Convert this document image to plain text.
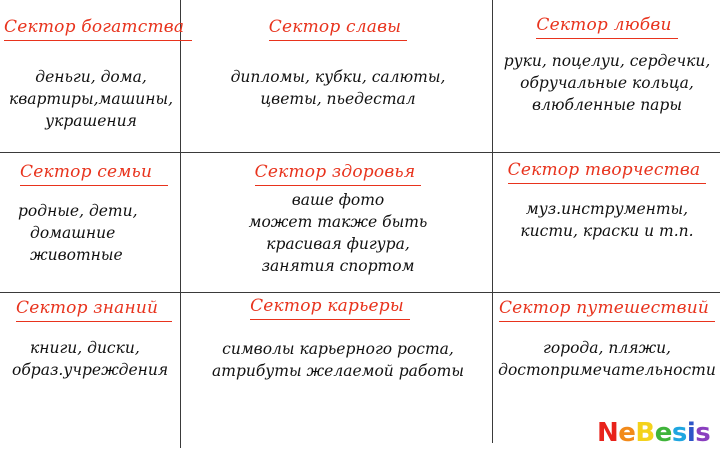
Сектор богатства
деньги, дома,
квартиры,машины,
украшения
Сектор славы
дипломы, кубки, салюты,
цветы, пьедестал
Сектор любви
руки, поцелуи, сердечки,
обручальные кольца,
влюбленные пары
Сектор семьи
родные, дети,
домашние
животные
Сектор здоровья
ваше фото
может также быть
красивая фигура,
занятия спортом
Сектор творчества
муз.инструменты,
кисти, краски и т.п.
Сектор знаний
книги, диски,
образ.учреждения
Сектор карьеры
символы карьерного роста,
атрибуты желаемой работы
Сектор путешествий
города, пляжи,
достопримечательности
NeBesis
